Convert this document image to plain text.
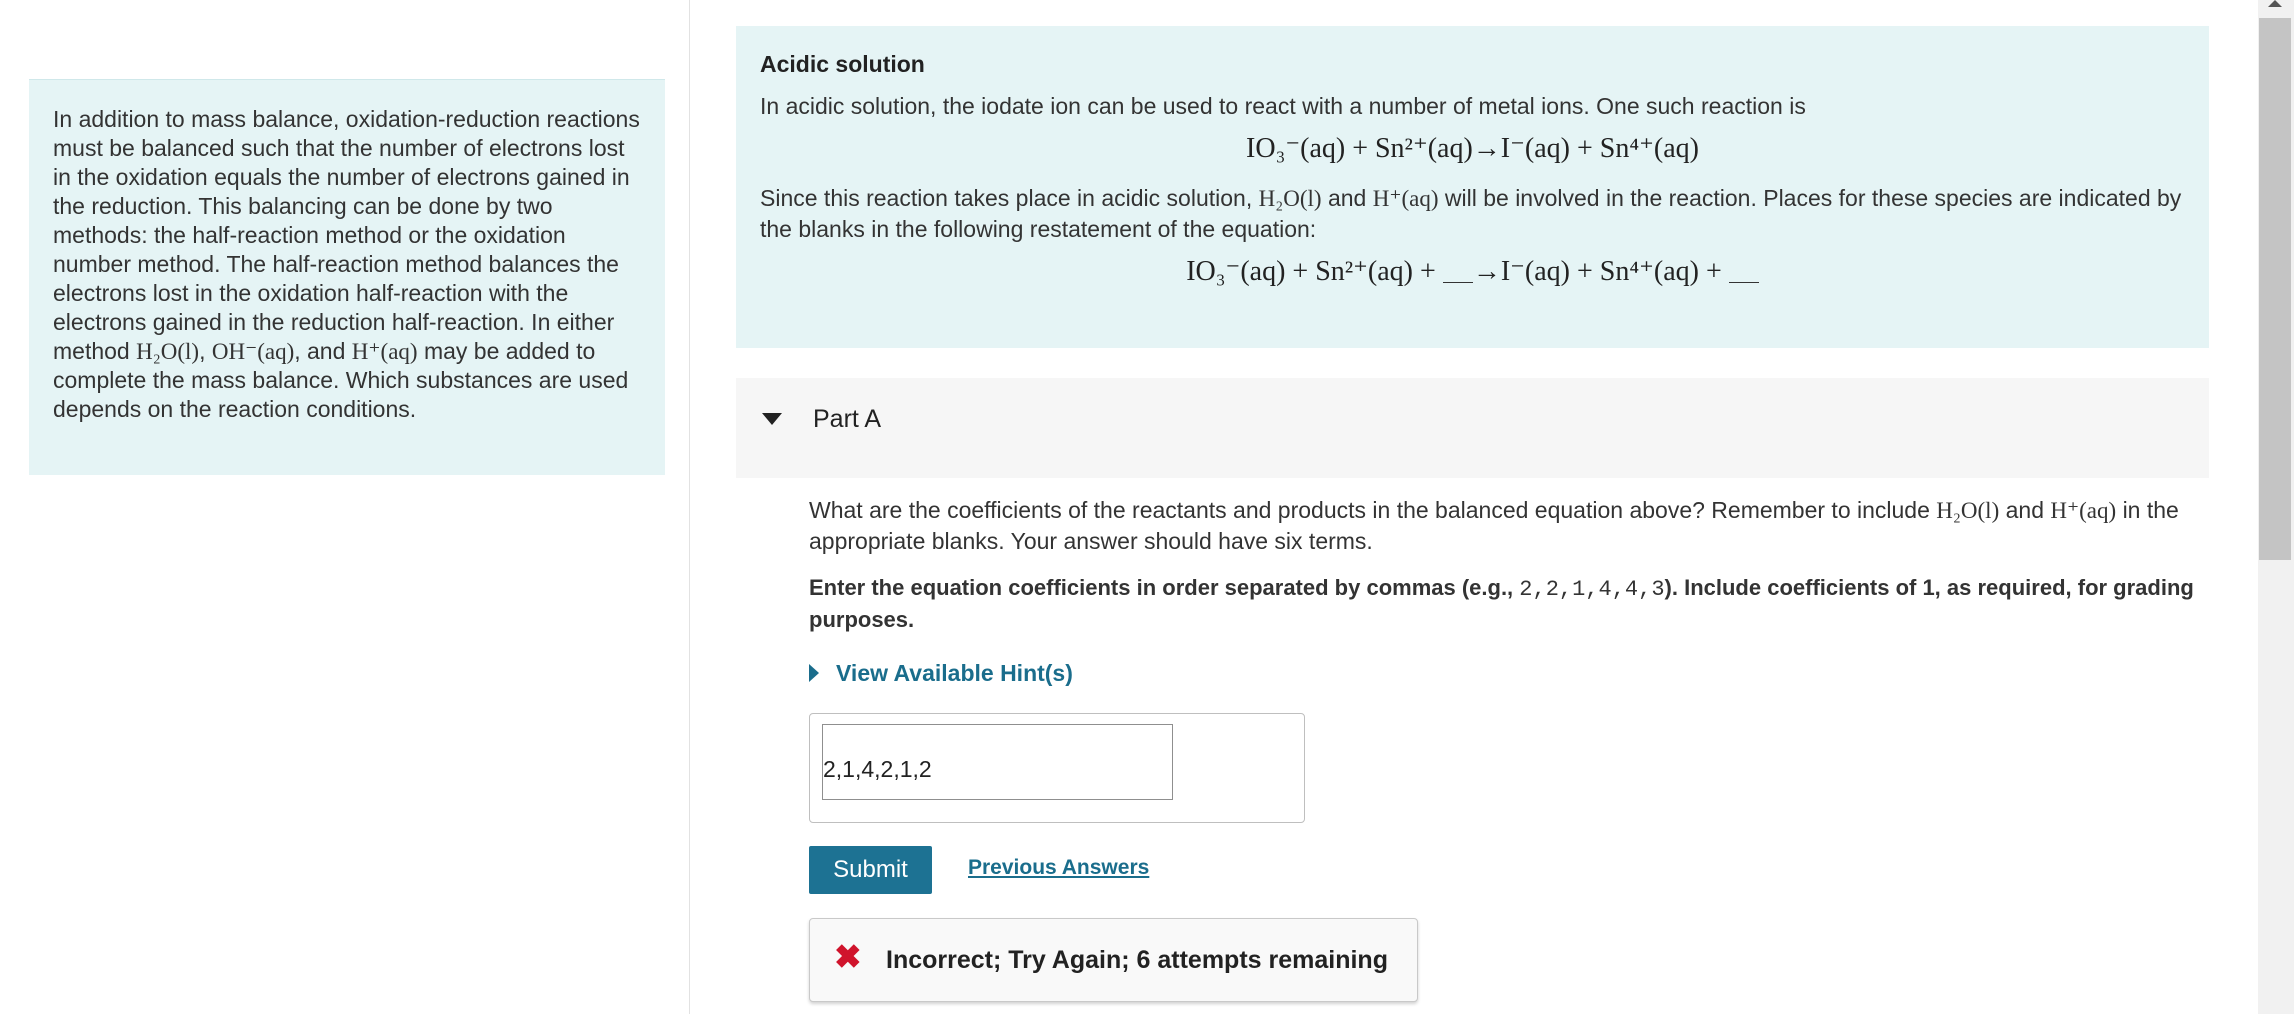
In addition to mass balance, oxidation-reduction reactions must be balanced such that the number of electrons lost in the oxidation equals the number of electrons gained in the reduction. This balancing can be done by two methods: the half-reaction method or the oxidation number method. The half-reaction method balances the electrons lost in the oxidation half-reaction with the electrons gained in the reduction half-reaction. In either method H₂O(l), OH⁻(aq), and H⁺(aq) may be added to complete the mass balance. Which substances are used depends on the reaction conditions.
Acidic solution
In acidic solution, the iodate ion can be used to react with a number of metal ions. One such reaction is
IO₃⁻(aq) + Sn²⁺(aq)→I⁻(aq) + Sn⁴⁺(aq)
Since this reaction takes place in acidic solution, H₂O(l) and H⁺(aq) will be involved in the reaction. Places for these species are indicated by the blanks in the following restatement of the equation:
IO₃⁻(aq) + Sn²⁺(aq) + →I⁻(aq) + Sn⁴⁺(aq) +
Part A
What are the coefficients of the reactants and products in the balanced equation above? Remember to include H₂O(l) and H⁺(aq) in the appropriate blanks. Your answer should have six terms.
Enter the equation coefficients in order separated by commas (e.g., 2,2,1,4,4,3). Include coefficients of 1, as required, for grading purposes.
View Available Hint(s)
2,1,4,2,1,2
Submit	Previous Answers
✖ Incorrect; Try Again; 6 attempts remaining
